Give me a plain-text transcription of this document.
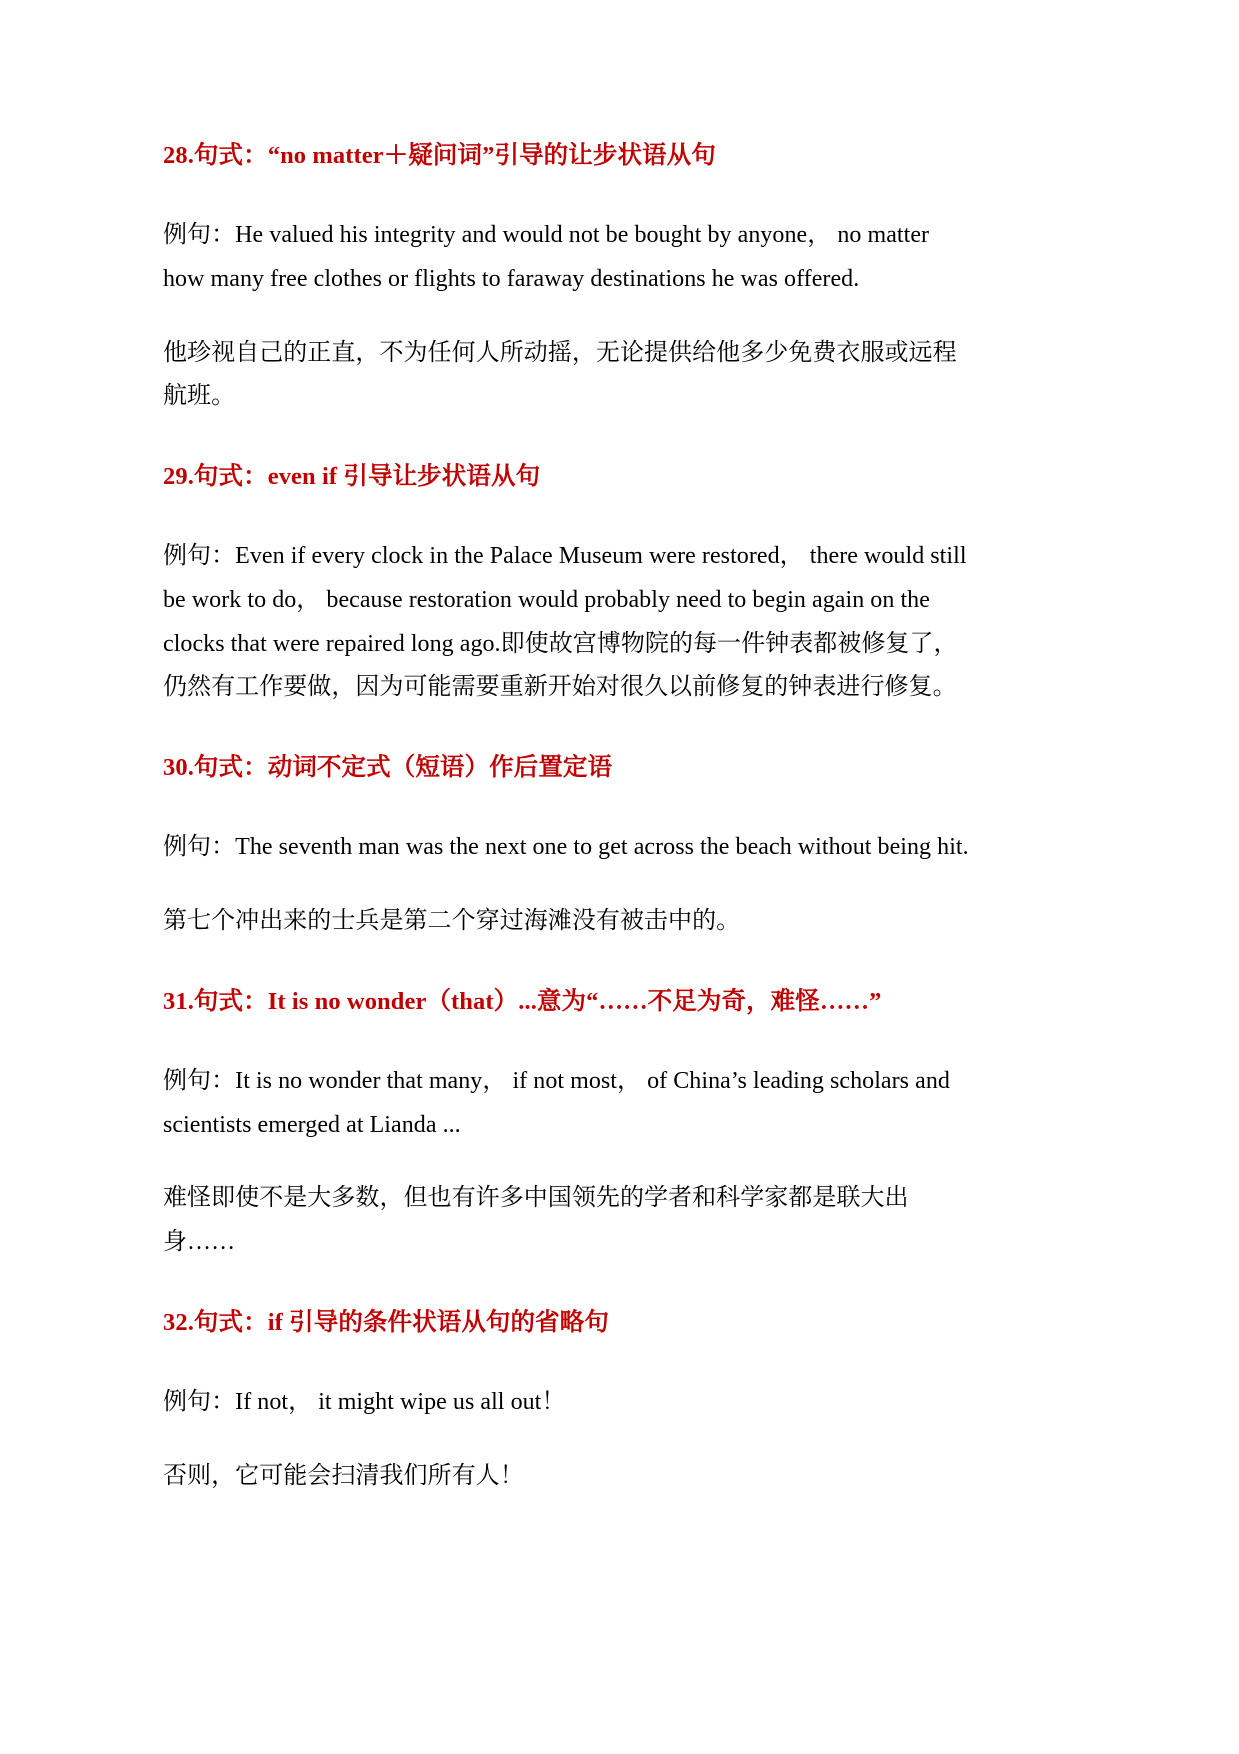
28.句式：“no matter＋疑问词”引导的让步状语从句

例句：He valued his integrity and would not be bought by anyone， no matter how many free clothes or flights to faraway destinations he was offered.

他珍视自己的正直，不为任何人所动摇，无论提供给他多少免费衣服或远程航班。

29.句式：even if 引导让步状语从句

例句：Even if every clock in the Palace Museum were restored， there would still be work to do， because restoration would probably need to begin again on the clocks that were repaired long ago.即使故宫博物院的每一件钟表都被修复了，仍然有工作要做，因为可能需要重新开始对很久以前修复的钟表进行修复。

30.句式：动词不定式（短语）作后置定语

例句：The seventh man was the next one to get across the beach without being hit.

第七个冲出来的士兵是第二个穿过海滩没有被击中的。

31.句式：It is no wonder（that）...意为“……不足为奇，难怪……”

例句：It is no wonder that many， if not most， of China’s leading scholars and scientists emerged at Lianda ...

难怪即使不是大多数，但也有许多中国领先的学者和科学家都是联大出身……

32.句式：if 引导的条件状语从句的省略句

例句：If not， it might wipe us all out！

否则，它可能会扫清我们所有人！
